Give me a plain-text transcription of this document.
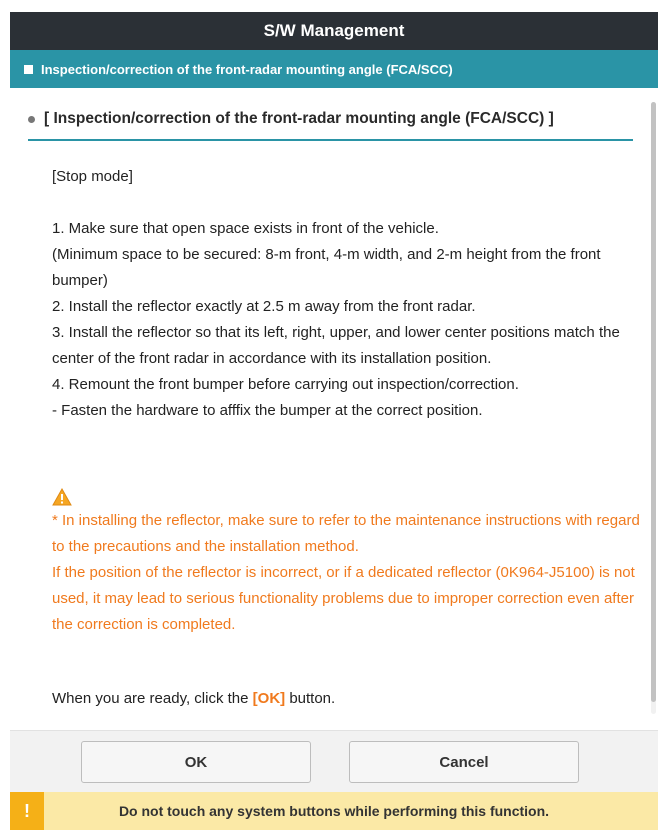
S/W Management
Inspection/correction of the front-radar mounting angle (FCA/SCC)
[ Inspection/correction of the front-radar mounting angle (FCA/SCC) ]
[Stop mode]
1. Make sure that open space exists in front of the vehicle.
(Minimum space to be secured: 8-m front, 4-m width, and 2-m height from the front bumper)
2. Install the reflector exactly at 2.5 m away from the front radar.
3. Install the reflector so that its left, right, upper, and lower center positions match the center of the front radar in accordance with its installation position.
4. Remount the front bumper before carrying out inspection/correction.
- Fasten the hardware to afffix the bumper at the correct position.
* In installing the reflector, make sure to refer to the maintenance instructions with regard to the precautions and the installation method.
If the position of the reflector is incorrect, or if a dedicated reflector (0K964-J5100) is not used, it may lead to serious functionality problems due to improper correction even after the correction is completed.
When you are ready, click the [OK] button.
OK	Cancel
!	Do not touch any system buttons while performing this function.
